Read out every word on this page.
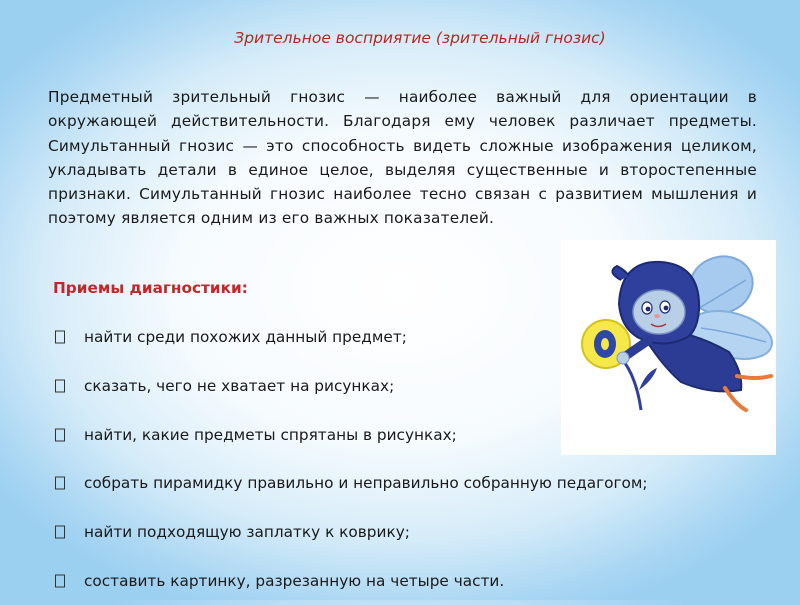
Зрительное восприятие (зрительный гнозис)

Предметный зрительный гнозис — наиболее важный для ориентации в окружающей действительности. Благодаря ему человек различает предметы. Симультанный гнозис — это способность видеть сложные изображения целиком, укладывать детали в единое целое, выделяя существенные и второстепенные признаки. Симультанный гнозис наиболее тесно связан с развитием мышления и поэтому является одним из его важных показателей.

Приемы диагностики:
найти среди похожих данный предмет;
сказать, чего не хватает на рисунках;
найти, какие предметы спрятаны в рисунках;
собрать пирамидку правильно и неправильно собранную педагогом;
найти подходящую заплатку к коврику;
составить картинку, разрезанную на четыре части.
